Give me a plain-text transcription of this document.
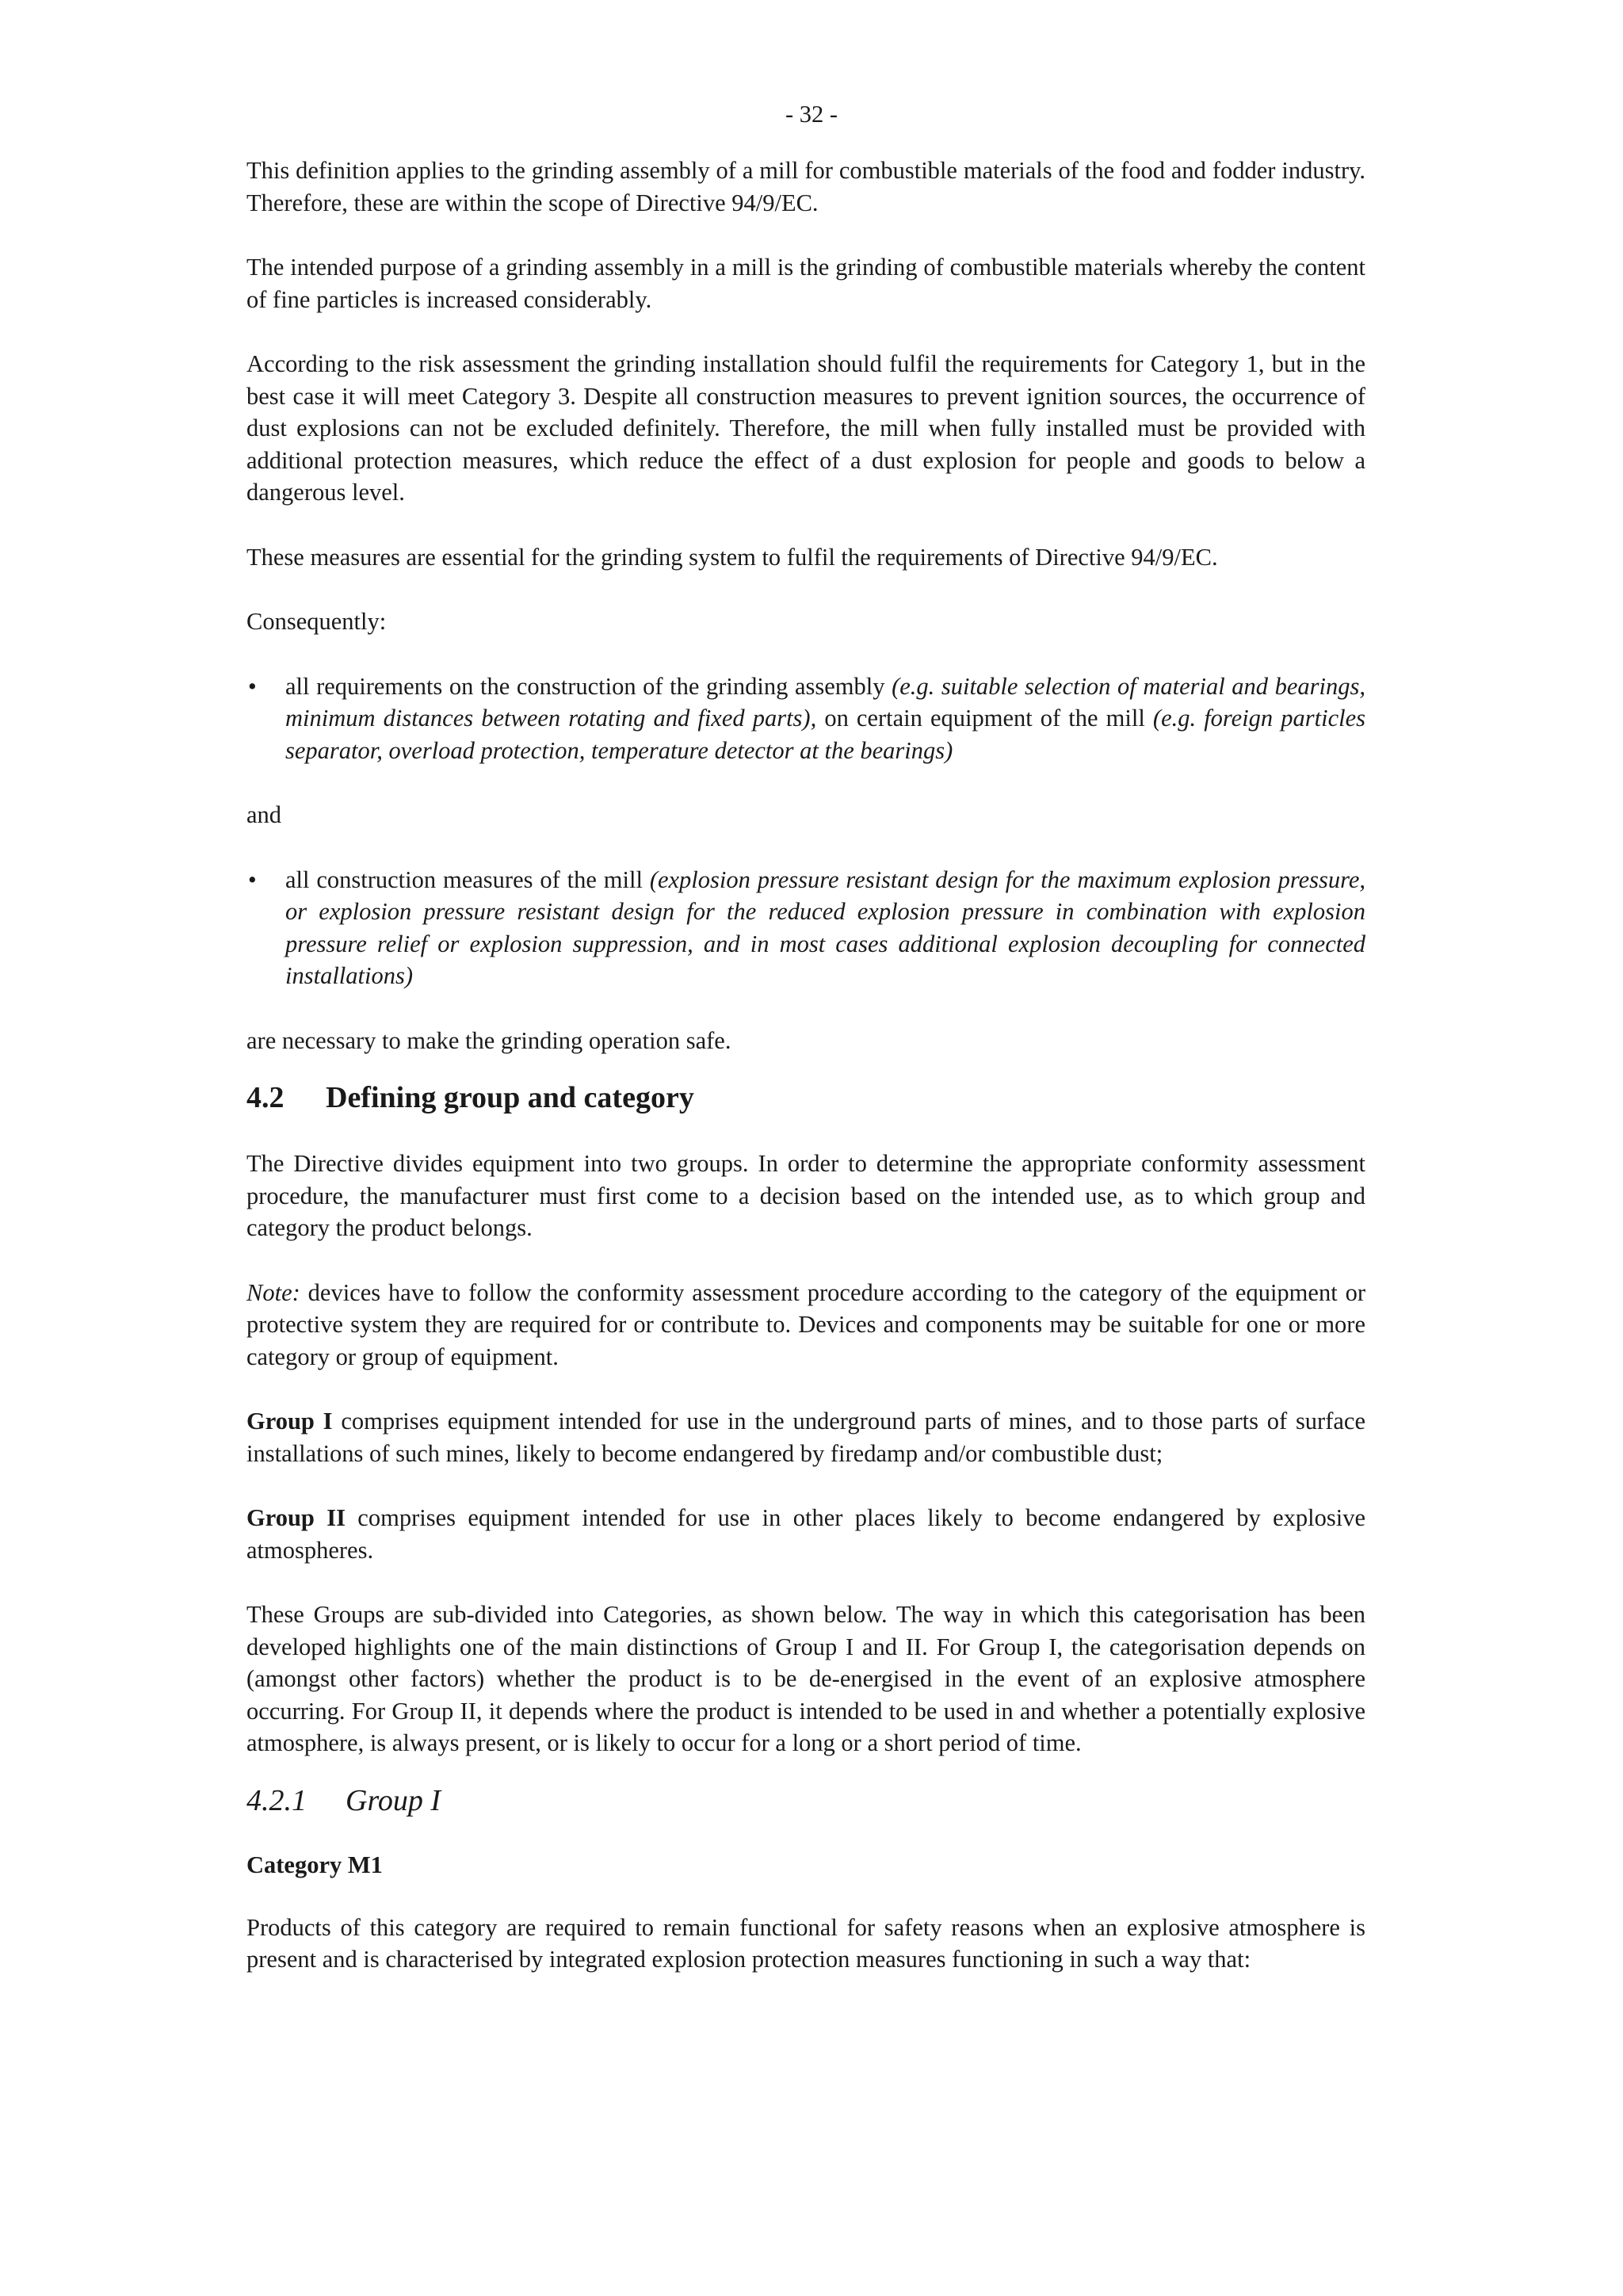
- 32 -

This definition applies to the grinding assembly of a mill for combustible materials of the food and fodder industry. Therefore, these are within the scope of Directive 94/9/EC.

The intended purpose of a grinding assembly in a mill is the grinding of combustible materials whereby the content of fine particles is increased considerably.

According to the risk assessment the grinding installation should fulfil the requirements for Category 1, but in the best case it will meet Category 3. Despite all construction measures to prevent ignition sources, the occurrence of dust explosions can not be excluded definitely. Therefore, the mill when fully installed must be provided with additional protection measures, which reduce the effect of a dust explosion for people and goods to below a dangerous level.

These measures are essential for the grinding system to fulfil the requirements of Directive 94/9/EC.

Consequently:

• all requirements on the construction of the grinding assembly (e.g. suitable selection of material and bearings, minimum distances between rotating and fixed parts), on certain equipment of the mill (e.g. foreign particles separator, overload protection, temperature detector at the bearings)

and

• all construction measures of the mill (explosion pressure resistant design for the maximum explosion pressure, or explosion pressure resistant design for the reduced explosion pressure in combination with explosion pressure relief or explosion suppression, and in most cases additional explosion decoupling for connected installations)

are necessary to make the grinding operation safe.

4.2 Defining group and category

The Directive divides equipment into two groups. In order to determine the appropriate conformity assessment procedure, the manufacturer must first come to a decision based on the intended use, as to which group and category the product belongs.

Note: devices have to follow the conformity assessment procedure according to the category of the equipment or protective system they are required for or contribute to. Devices and components may be suitable for one or more category or group of equipment.

Group I comprises equipment intended for use in the underground parts of mines, and to those parts of surface installations of such mines, likely to become endangered by firedamp and/or combustible dust;

Group II comprises equipment intended for use in other places likely to become endangered by explosive atmospheres.

These Groups are sub-divided into Categories, as shown below. The way in which this categorisation has been developed highlights one of the main distinctions of Group I and II. For Group I, the categorisation depends on (amongst other factors) whether the product is to be de-energised in the event of an explosive atmosphere occurring. For Group II, it depends where the product is intended to be used in and whether a potentially explosive atmosphere, is always present, or is likely to occur for a long or a short period of time.

4.2.1 Group I
Category M1

Products of this category are required to remain functional for safety reasons when an explosive atmosphere is present and is characterised by integrated explosion protection measures functioning in such a way that:
